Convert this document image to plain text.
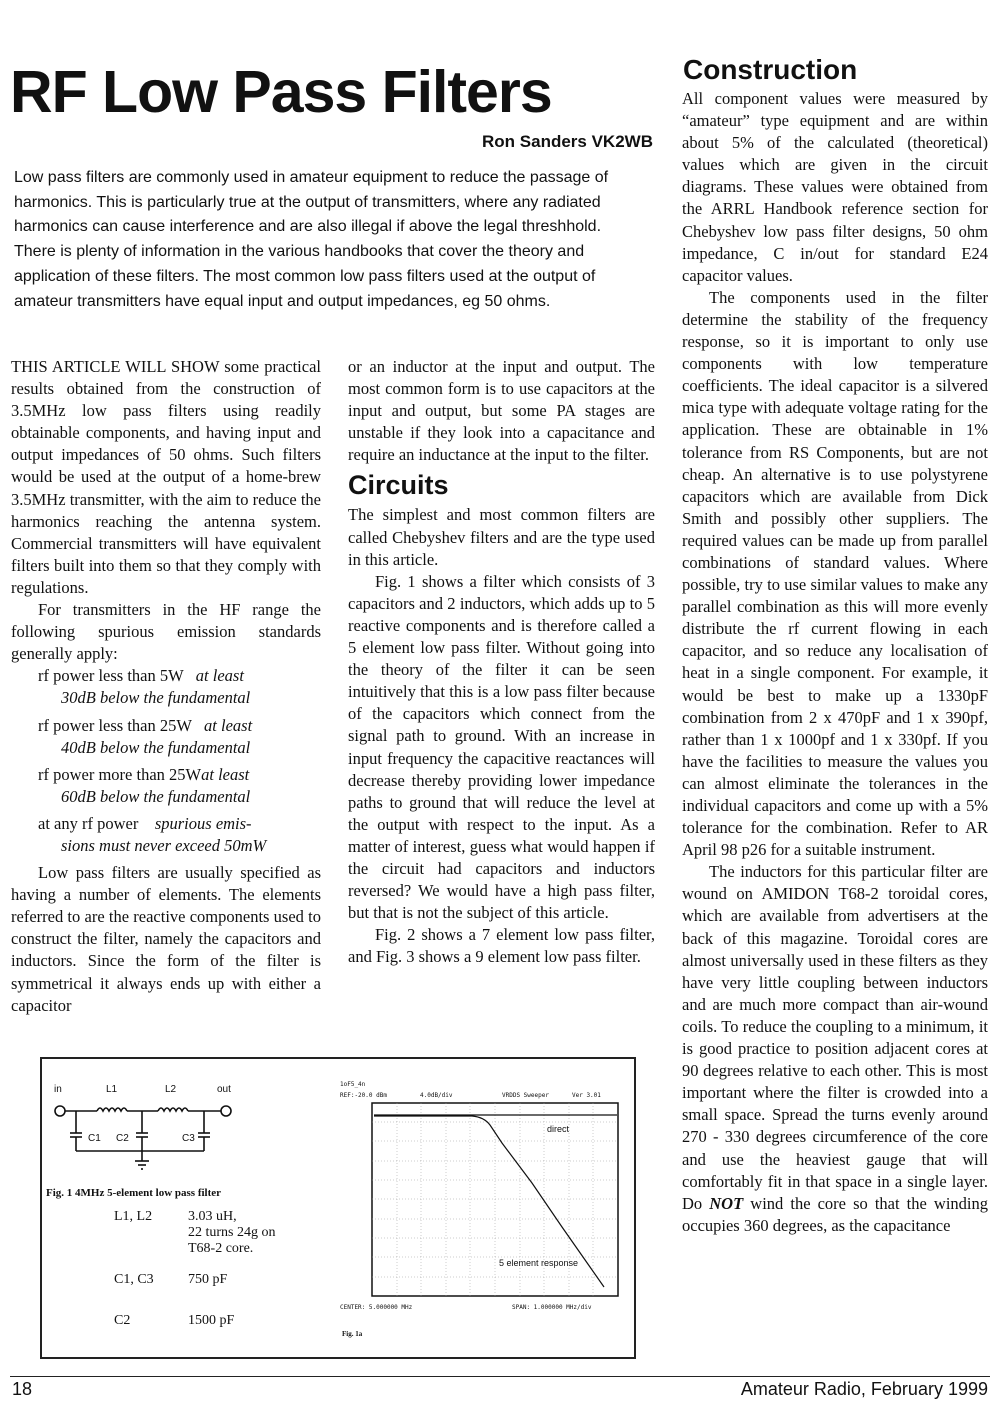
RF Low Pass Filters
Ron Sanders VK2WB
Low pass filters are commonly used in amateur equipment to reduce the passage of harmonics. This is particularly true at the output of transmitters, where any radiated harmonics can cause interference and are also illegal if above the legal threshhold. There is plenty of information in the various handbooks that cover the theory and application of these filters. The most common low pass filters used at the output of amateur transmitters have equal input and output impedances, eg 50 ohms.

THIS ARTICLE WILL SHOW some practical results obtained from the construction of 3.5MHz low pass filters using readily obtainable components, and having input and output impedances of 50 ohms. Such filters would be used at the output of a home-brew 3.5MHz transmitter, with the aim to reduce the harmonics reaching the antenna system. Commercial transmitters will have equivalent filters built into them so that they comply with regulations.

For transmitters in the HF range the following spurious emission standards generally apply:

rf power less than 5W at least
30dB below the fundamental
rf power less than 25W at least
40dB below the fundamental
rf power more than 25Wat least
60dB below the fundamental
at any rf power spurious emis-
sions must never exceed 50mW

Low pass filters are usually specified as having a number of elements. The elements referred to are the reactive components used to construct the filter, namely the capacitors and inductors. Since the form of the filter is symmetrical it always ends up with either a capacitor

or an inductor at the input and output. The most common form is to use capacitors at the input and output, but some PA stages are unstable if they look into a capacitance and require an inductance at the input to the filter.

Circuits

The simplest and most common filters are called Chebyshev filters and are the type used in this article.

Fig. 1 shows a filter which consists of 3 capacitors and 2 inductors, which adds up to 5 reactive components and is therefore called a 5 element low pass filter. Without going into the theory of the filter it can be seen intuitively that this is a low pass filter because of the capacitors which connect from the signal path to ground. With an increase in input frequency the capacitive reactances will decrease thereby providing lower impedance paths to ground that will reduce the level at the output with respect to the input. As a matter of interest, guess what would happen if the circuit had capacitors and inductors reversed? We would have a high pass filter, but that is not the subject of this article.

Fig. 2 shows a 7 element low pass filter, and Fig. 3 shows a 9 element low pass filter.

Construction

All component values were measured by “amateur” type equipment and are within about 5% of the calculated (theoretical) values which are given in the circuit diagrams. These values were obtained from the ARRL Handbook reference section for Chebyshev low pass filter designs, 50 ohm impedance, C in/out for standard E24 capacitor values.

The components used in the filter determine the stability of the frequency response, so it is important to only use components with low temperature coefficients. The ideal capacitor is a silvered mica type with adequate voltage rating for the application. These are obtainable in 1% tolerance from RS Components, but are not cheap. An alternative is to use polystyrene capacitors which are available from Dick Smith and possibly other suppliers. The required values can be made up from parallel combinations of standard values. Where possible, try to use similar values to make any parallel combination as this will more evenly distribute the rf current flowing in each capacitor, and so reduce any localisation of heat in a single component. For example, it would be best to make up a 1330pF combination from 2 x 470pF and 1 x 390pf, rather than 1 x 1000pf and 1 x 330pf. If you have the facilities to measure the values you can almost eliminate the tolerances in the individual capacitors and come up with a 5% tolerance for the combination. Refer to AR April 98 p26 for a suitable instrument.

The inductors for this particular filter are wound on AMIDON T68-2 toroidal cores, which are available from advertisers at the back of this magazine. Toroidal cores are almost universally used in these filters as they have very little coupling between inductors and are much more compact than air-wound coils. To reduce the coupling to a minimum, it is good practice to position adjacent cores at 90 degrees relative to each other. This is most important where the filter is crowded into a small space. Spread the turns evenly around 270 - 330 degrees circumference of the core and use the heaviest gauge that will comfortably fit in that space in a single layer. Do NOT wind the core so that the winding occupies 360 degrees, as the capacitance

in	L1	L2	out
C1 C2	C3
Fig. 1 4MHz 5-element low pass filter
L1, L2	3.03 uH,
22 turns 24g on
T68-2 core.
C1, C3 750 pF
C2	1500 pF
1oF5_4n
REF:-20.0 dBm	4.0dB/div	VRDDS Sweeper	Ver 3.01
CENTER: 5.000000 MHz	SPAN: 1.000000 MHz/div
direct
5 element response
Fig. 1a
18	Amateur Radio, February 1999
